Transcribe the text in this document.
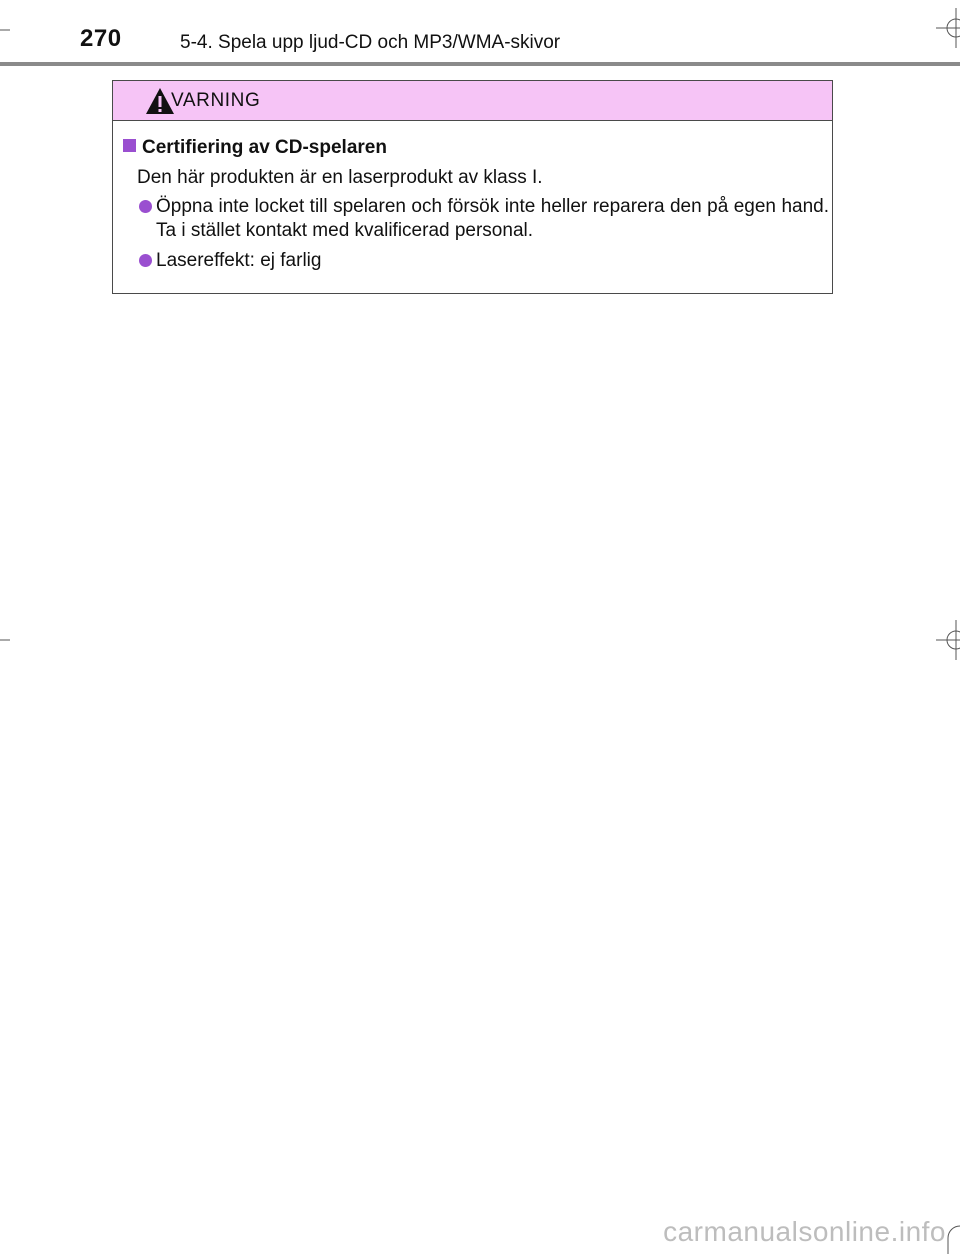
270	5-4. Spela upp ljud-CD och MP3/WMA-skivor
VARNING
Certifiering av CD-spelaren
Den här produkten är en laserprodukt av klass I.
Öppna inte locket till spelaren och försök inte heller reparera den på egen hand. Ta i stället kontakt med kvalificerad personal.
Lasereffekt: ej farlig
carmanualsonline.info
